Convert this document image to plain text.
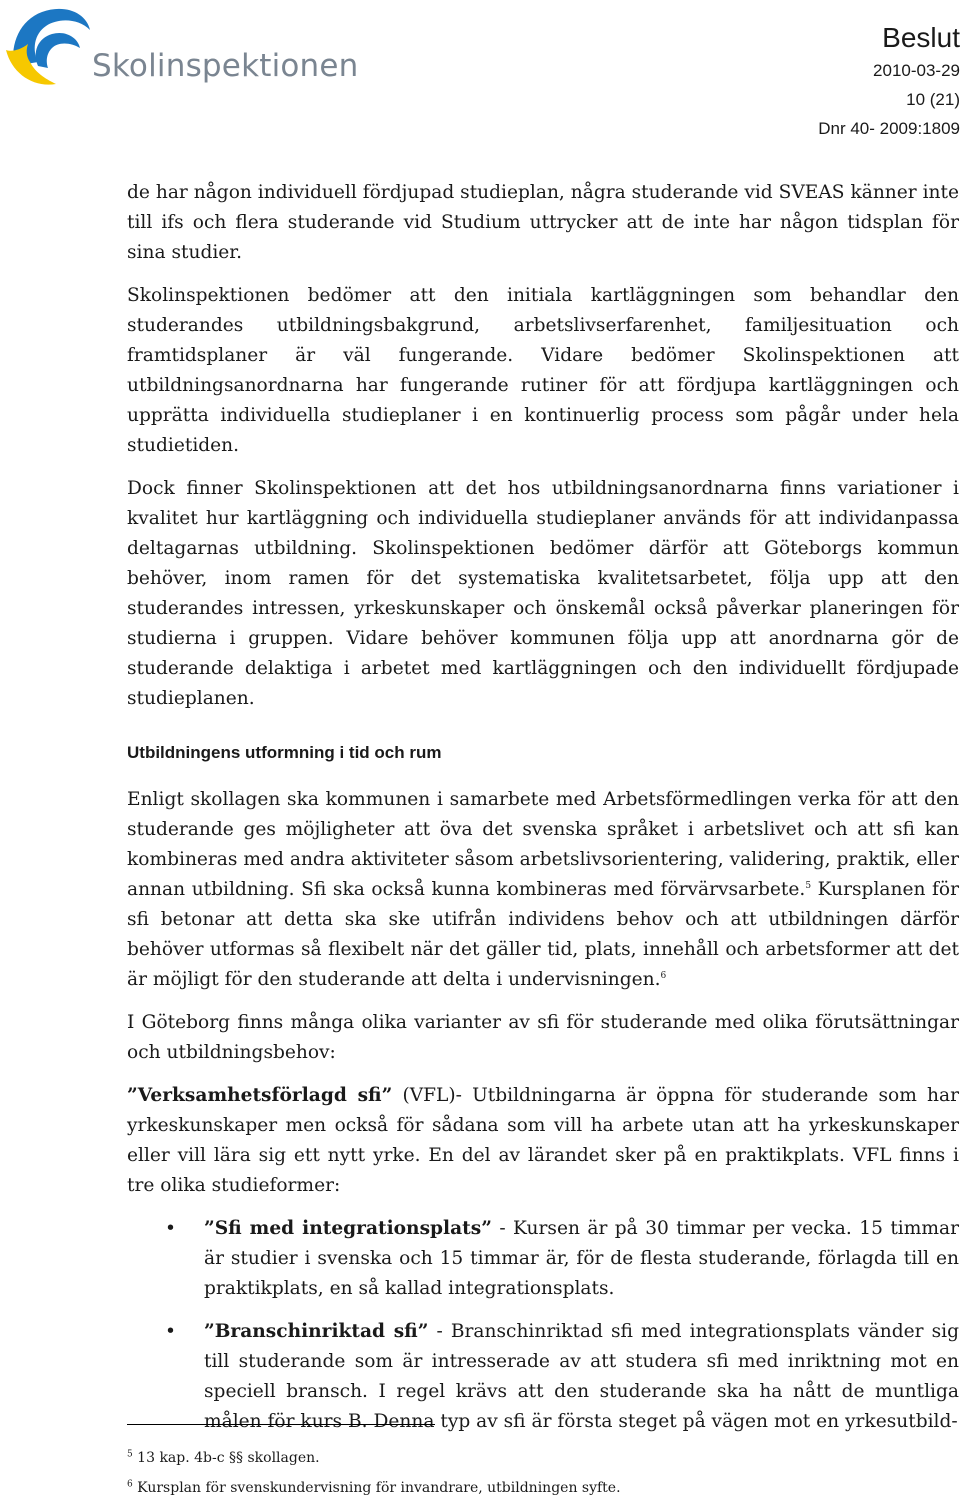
Skolinspektionen
Beslut
2010-03-29
10 (21)
Dnr 40- 2009:1809

de har någon individuell fördjupad studieplan, några studerande vid SVEAS känner inte till ifs och flera studerande vid Studium uttrycker att de inte har någon tidsplan för sina studier.

Skolinspektionen bedömer att den initiala kartläggningen som behandlar den studerandes utbildningsbakgrund, arbetslivserfarenhet, familjesituation och framtidsplaner är väl fungerande. Vidare bedömer Skolinspektionen att utbildningsanordnarna har fungerande rutiner för att fördjupa kartläggningen och upprätta individuella studieplaner i en kontinuerlig process som pågår under hela studietiden.

Dock finner Skolinspektionen att det hos utbildningsanordnarna finns variationer i kvalitet hur kartläggning och individuella studieplaner används för att individanpassa deltagarnas utbildning. Skolinspektionen bedömer därför att Göteborgs kommun behöver, inom ramen för det systematiska kvalitetsarbetet, följa upp att den studerandes intressen, yrkeskunskaper och önskemål också påverkar planeringen för studierna i gruppen. Vidare behöver kommunen följa upp att anordnarna gör de studerande delaktiga i arbetet med kartläggningen och den individuellt fördjupade studieplanen.

Utbildningens utformning i tid och rum

Enligt skollagen ska kommunen i samarbete med Arbetsförmedlingen verka för att den studerande ges möjligheter att öva det svenska språket i arbetslivet och att sfi kan kombineras med andra aktiviteter såsom arbetslivsorientering, validering, praktik, eller annan utbildning. Sfi ska också kunna kombineras med förvärvsarbete.$^5$ Kursplanen för sfi betonar att detta ska ske utifrån individens behov och att utbildningen därför behöver utformas så flexibelt när det gäller tid, plats, innehåll och arbetsformer att det är möjligt för den studerande att delta i undervisningen.$^6$

I Göteborg finns många olika varianter av sfi för studerande med olika förutsättningar och utbildningsbehov:

”Verksamhetsförlagd sfi” (VFL)- Utbildningarna är öppna för studerande som har yrkeskunskaper men också för sådana som vill ha arbete utan att ha yrkeskunskaper eller vill lära sig ett nytt yrke. En del av lärandet sker på en praktikplats. VFL finns i tre olika studieformer:

• ”Sfi med integrationsplats” - Kursen är på 30 timmar per vecka. 15 timmar är studier i svenska och 15 timmar är, för de flesta studerande, förlagda till en praktikplats, en så kallad integrationsplats.
• ”Branschinriktad sfi” - Branschinriktad sfi med integrationsplats vänder sig till studerande som är intresserade av att studera sfi med inriktning mot en speciell bransch. I regel krävs att den studerande ska ha nått de muntliga målen för kurs B. Denna typ av sfi är första steget på vägen mot en yrkesutbild-
$^5$ 13 kap. 4b-c §§ skollagen.
$^6$ Kursplan för svenskundervisning för invandrare, utbildningen syfte.
